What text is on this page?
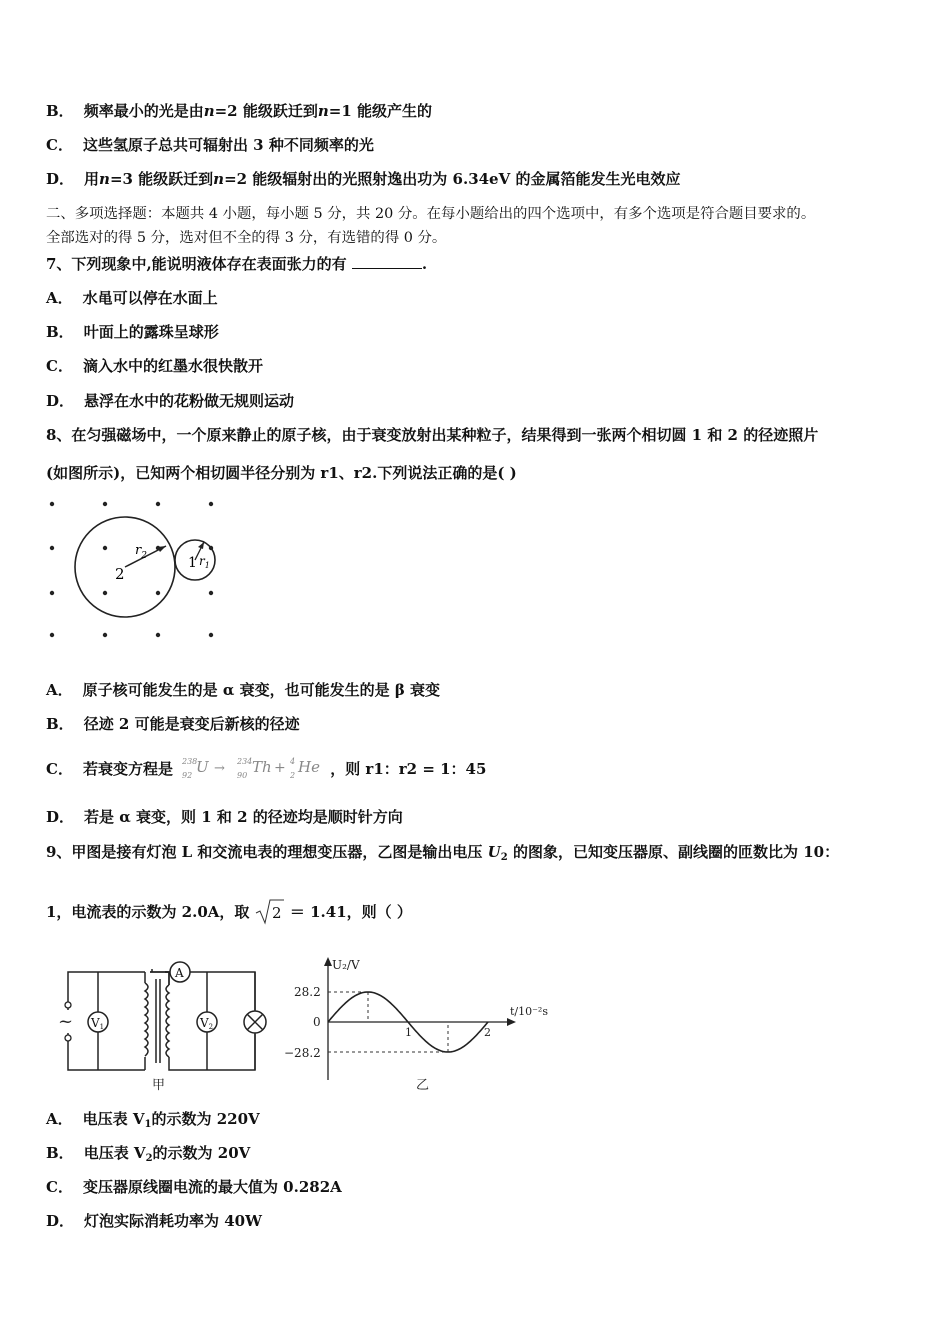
B． 频率最小的光是由n=2 能级跃迁到n=1 能级产生的
C． 这些氢原子总共可辐射出 3 种不同频率的光
D． 用n=3 能级跃迁到n=2 能级辐射出的光照射逸出功为 6.34eV 的金属箔能发生光电效应
二、多项选择题：本题共 4 小题，每小题 5 分，共 20 分。在每小题给出的四个选项中，有多个选项是符合题目要求的。
全部选对的得 5 分，选对但不全的得 3 分，有选错的得 0 分。
7、下列现象中,能说明液体存在表面张力的有	.
A． 水黾可以停在水面上
B． 叶面上的露珠呈球形
C． 滴入水中的红墨水很快散开
D． 悬浮在水中的花粉做无规则运动
8、在匀强磁场中，一个原来静止的原子核，由于衰变放射出某种粒子，结果得到一张两个相切圆 1 和 2 的径迹照片
(如图所示)，已知两个相切圆半径分别为 r1、r2.下列说法正确的是( )
2
$r_2$	1 $r_1$
A． 原子核可能发生的是 α 衰变，也可能发生的是 β 衰变
B． 径迹 2 可能是衰变后新核的径迹
C． 若衰变方程是 238
92 U → 234
90 Th + 4
2 He ，则 r1：r2 = 1：45
D． 若是 α 衰变，则 1 和 2 的径迹均是顺时针方向
9、甲图是接有灯泡 L 和交流电表的理想变压器，乙图是输出电压 $U_2$ 的图象，已知变压器原、副线圈的匝数比为 10：
1，电流表的示数为 2.0A，取 2 ＝ 1.41，则（ ）
~ V1
A
V2
甲
U₂/V
t/10⁻²s
28.2
0
−28.2
1	2
乙
A． 电压表 $V_1$的示数为 220V
B． 电压表 $V_2$的示数为 20V
C． 变压器原线圈电流的最大值为 0.282A
D． 灯泡实际消耗功率为 40W
